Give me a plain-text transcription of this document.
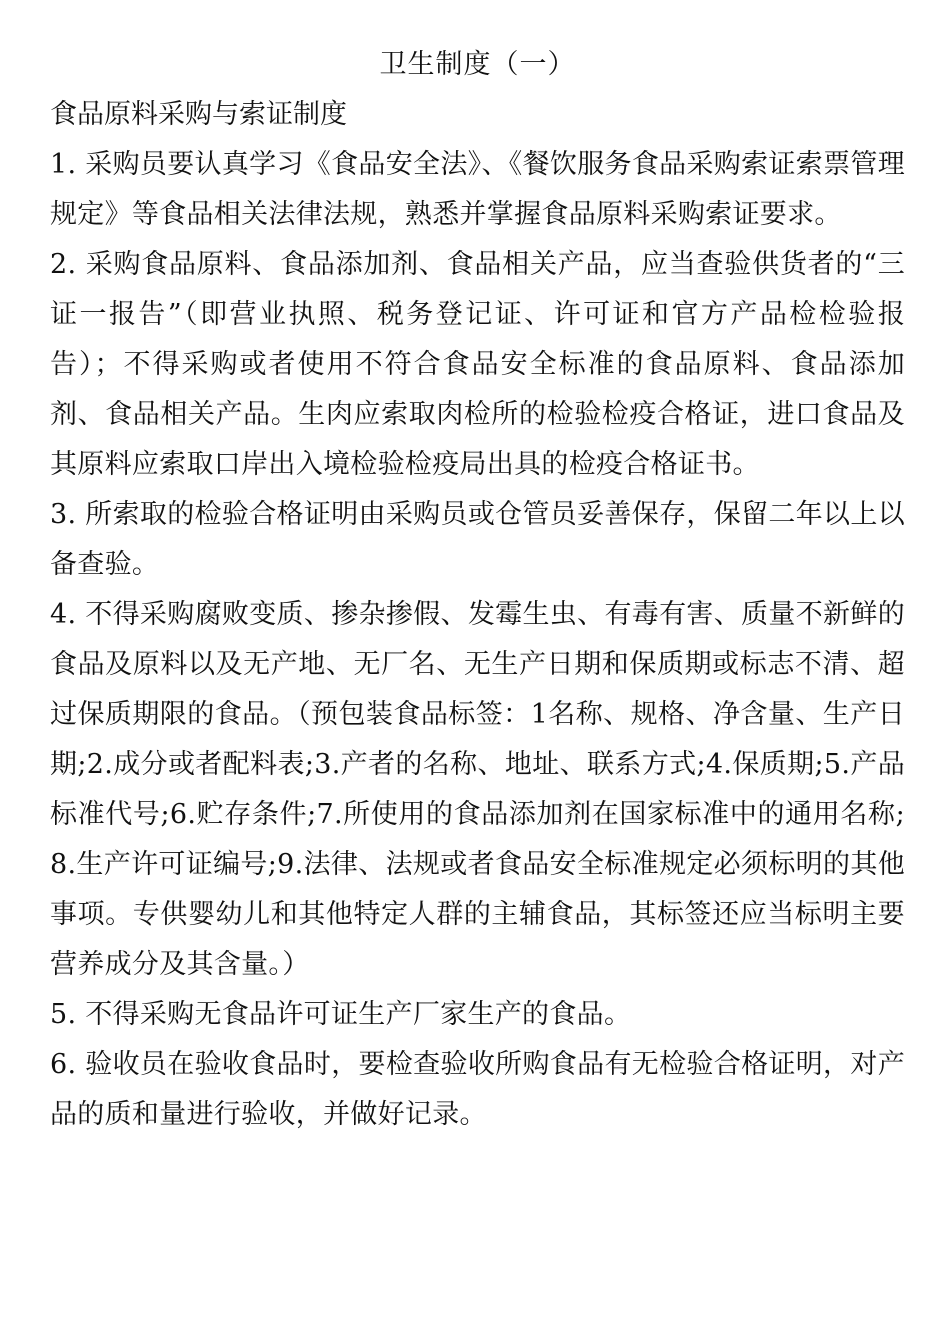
卫生制度（一）
食品原料采购与索证制度

1. 采购员要认真学习《食品安全法》、《餐饮服务食品采购索证索票管理规定》等食品相关法律法规，熟悉并掌握食品原料采购索证要求。

2. 采购食品原料、食品添加剂、食品相关产品，应当查验供货者的“三证一报告”（即营业执照、税务登记证、许可证和官方产品检检验报告）；不得采购或者使用不符合食品安全标准的食品原料、食品添加剂、食品相关产品。生肉应索取肉检所的检验检疫合格证，进口食品及其原料应索取口岸出入境检验检疫局出具的检疫合格证书。

3. 所索取的检验合格证明由采购员或仓管员妥善保存，保留二年以上以备查验。

4. 不得采购腐败变质、掺杂掺假、发霉生虫、有毒有害、质量不新鲜的食品及原料以及无产地、无厂名、无生产日期和保质期或标志不清、超过保质期限的食品。（预包装食品标签：1名称、规格、净含量、生产日期;2.成分或者配料表;3.产者的名称、地址、联系方式;4.保质期;5.产品标准代号;6.贮存条件;7.所使用的食品添加剂在国家标准中的通用名称;8.生产许可证编号;9.法律、法规或者食品安全标准规定必须标明的其他事项。专供婴幼儿和其他特定人群的主辅食品，其标签还应当标明主要营养成分及其含量。）

5. 不得采购无食品许可证生产厂家生产的食品。

6. 验收员在验收食品时，要检查验收所购食品有无检验合格证明，对产品的质和量进行验收，并做好记录。
